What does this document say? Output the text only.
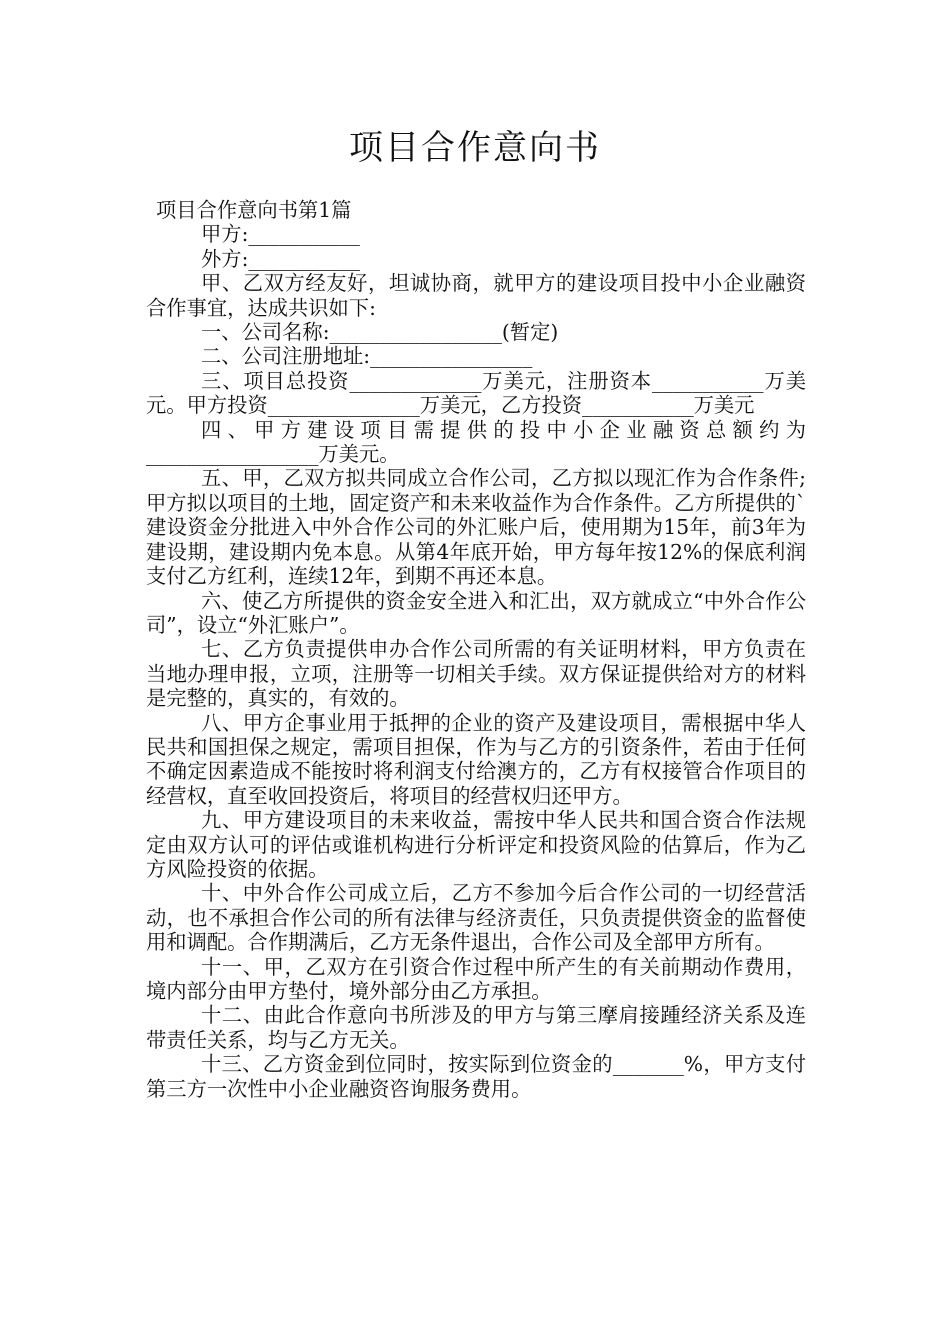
项目合作意向书

项目合作意向书第1篇

甲方:___________

外方:___________

甲、乙双方经友好，坦诚协商，就甲方的建设项目投中小企业融资合作事宜，达成共识如下:

一、公司名称:_________________(暂定)

二、公司注册地址:________________

三、项目总投资_____________万美元，注册资本___________万美元。甲方投资_______________万美元，乙方投资___________万美元

四、甲方建设项目需提供的投中小企业融资总额约为_________________万美元。

五、甲，乙双方拟共同成立合作公司，乙方拟以现汇作为合作条件;甲方拟以项目的土地，固定资产和未来收益作为合作条件。乙方所提供的`建设资金分批进入中外合作公司的外汇账户后，使用期为15年，前3年为建设期，建设期内免本息。从第4年底开始，甲方每年按12%的保底利润支付乙方红利，连续12年，到期不再还本息。

六、使乙方所提供的资金安全进入和汇出，双方就成立“中外合作公司”，设立“外汇账户”。

七、乙方负责提供申办合作公司所需的有关证明材料，甲方负责在当地办理申报，立项，注册等一切相关手续。双方保证提供给对方的材料是完整的，真实的，有效的。

八、甲方企事业用于抵押的企业的资产及建设项目，需根据中华人民共和国担保之规定，需项目担保，作为与乙方的引资条件，若由于任何不确定因素造成不能按时将利润支付给澳方的，乙方有权接管合作项目的经营权，直至收回投资后，将项目的经营权归还甲方。

九、甲方建设项目的未来收益，需按中华人民共和国合资合作法规定由双方认可的评估或谁机构进行分析评定和投资风险的估算后，作为乙方风险投资的依据。

十、中外合作公司成立后，乙方不参加今后合作公司的一切经营活动，也不承担合作公司的所有法律与经济责任，只负责提供资金的监督使用和调配。合作期满后，乙方无条件退出，合作公司及全部甲方所有。

十一、甲，乙双方在引资合作过程中所产生的有关前期动作费用，境内部分由甲方垫付，境外部分由乙方承担。

十二、由此合作意向书所涉及的甲方与第三摩肩接踵经济关系及连带责任关系，均与乙方无关。

十三、乙方资金到位同时，按实际到位资金的_______%，甲方支付第三方一次性中小企业融资咨询服务费用。
